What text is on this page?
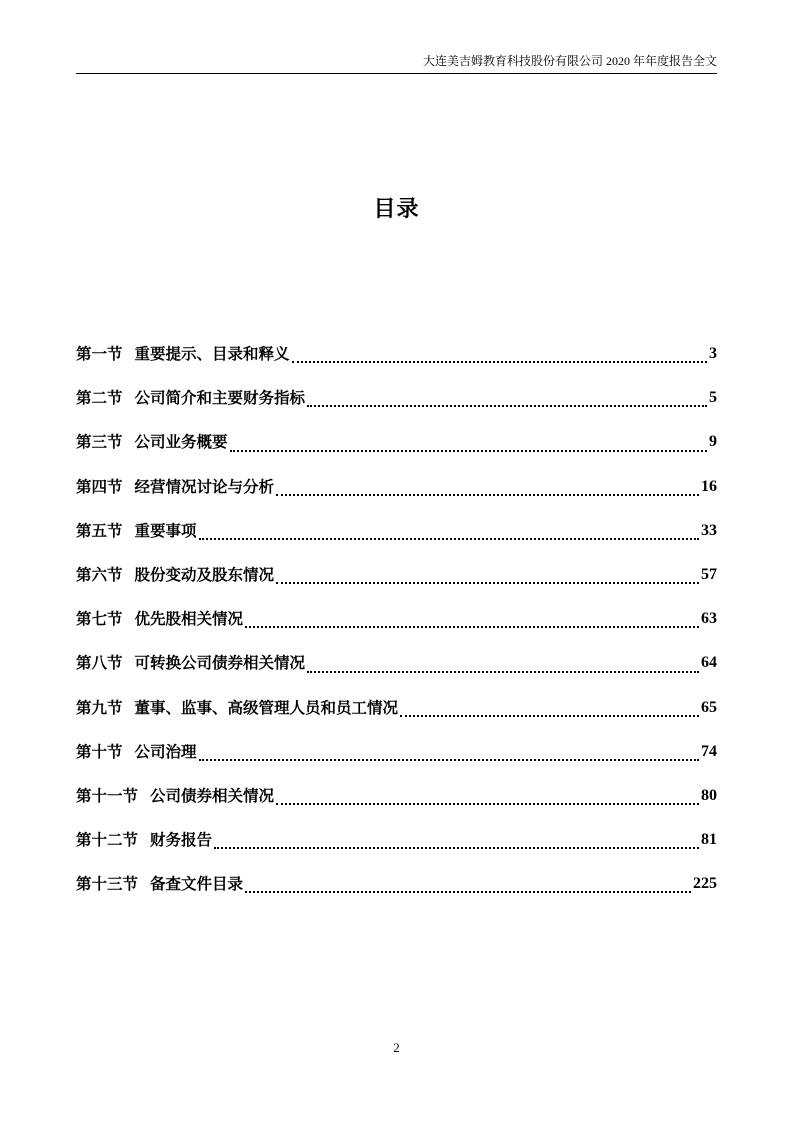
大连美吉姆教育科技股份有限公司 2020 年年度报告全文
目录
第一节 重要提示、目录和释义	3
第二节 公司简介和主要财务指标	5
第三节 公司业务概要	9
第四节 经营情况讨论与分析	16
第五节 重要事项	33
第六节 股份变动及股东情况	57
第七节 优先股相关情况	63
第八节 可转换公司债券相关情况	64
第九节 董事、监事、高级管理人员和员工情况	65
第十节 公司治理	74
第十一节 公司债券相关情况	80
第十二节 财务报告	81
第十三节 备查文件目录	225
2
